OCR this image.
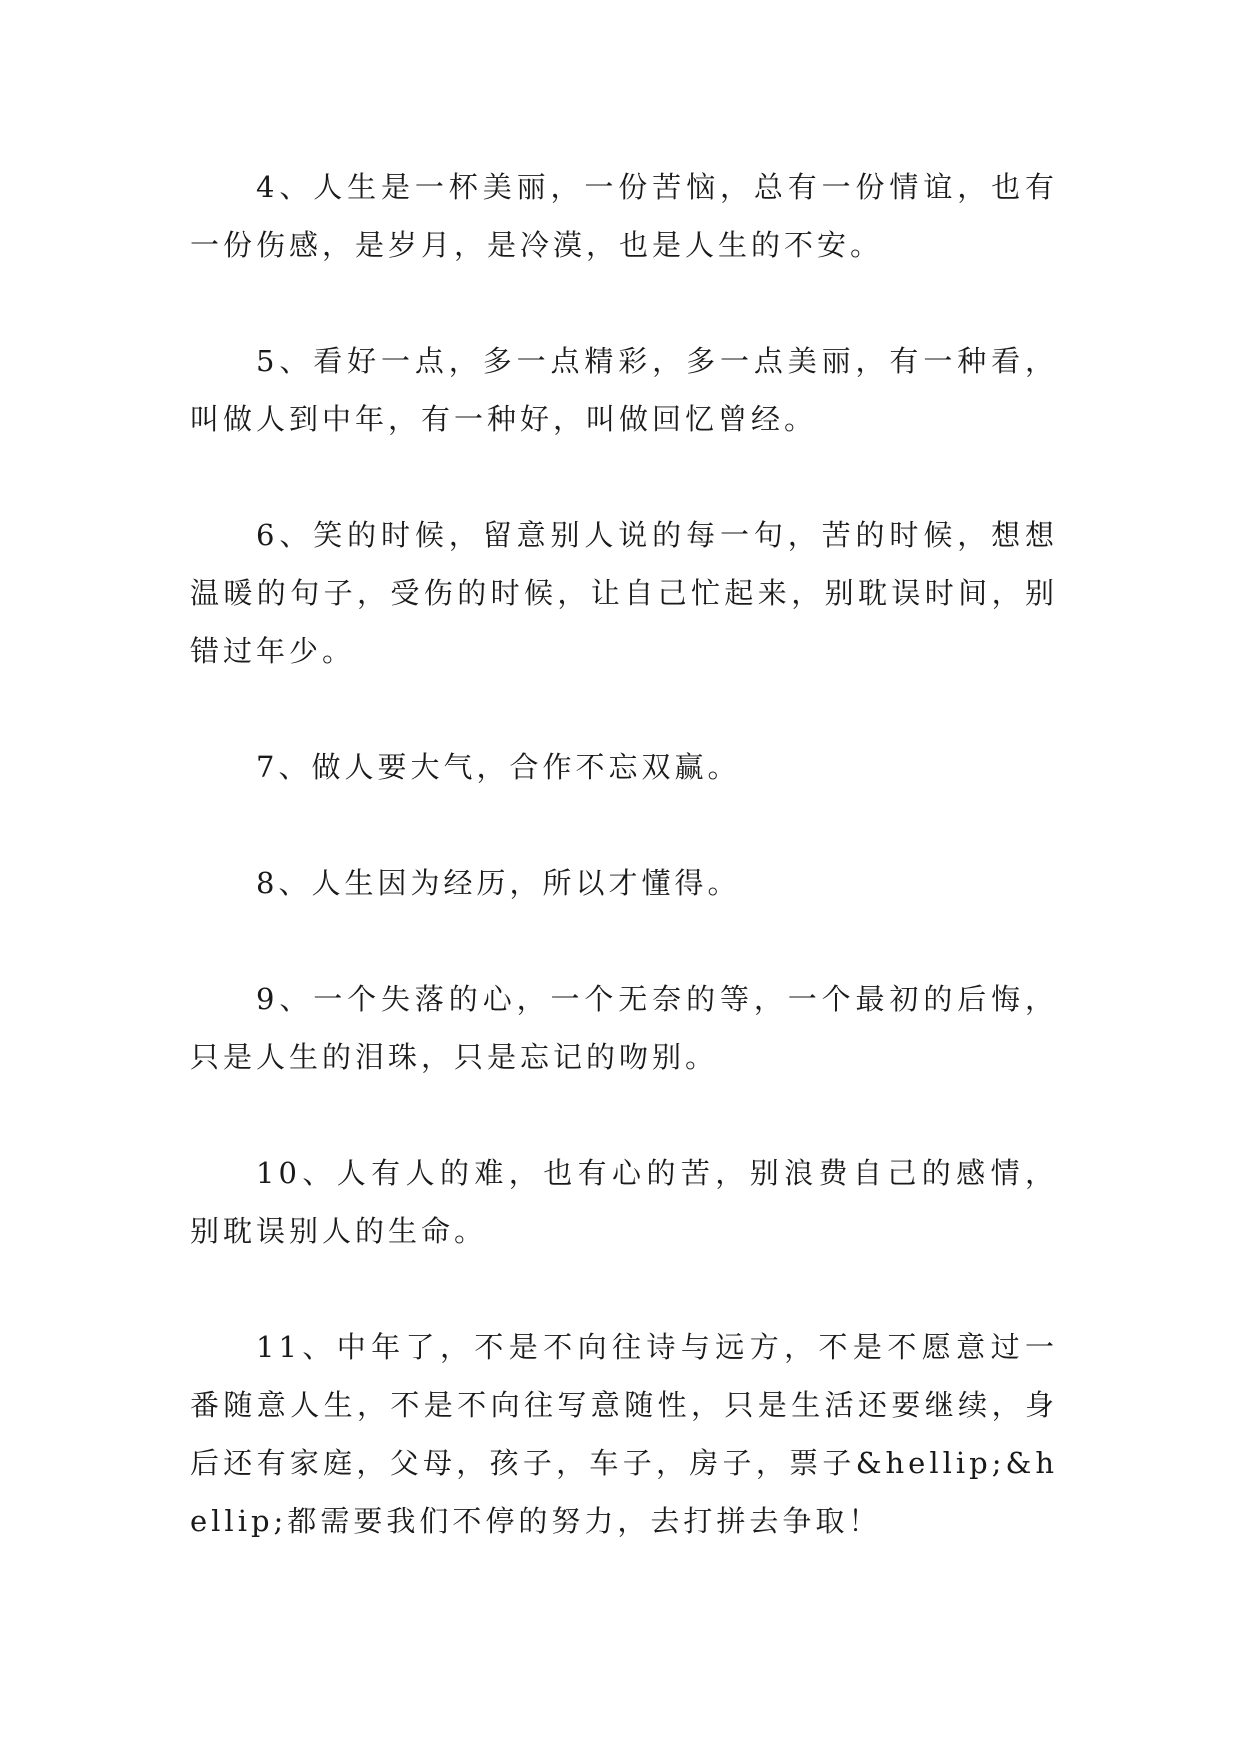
4、人生是一杯美丽，一份苦恼，总有一份情谊，也有一份伤感，是岁月，是冷漠，也是人生的不安。

5、看好一点，多一点精彩，多一点美丽，有一种看，叫做人到中年，有一种好，叫做回忆曾经。

6、笑的时候，留意别人说的每一句，苦的时候，想想温暖的句子，受伤的时候，让自己忙起来，别耽误时间，别错过年少。

7、做人要大气，合作不忘双赢。

8、人生因为经历，所以才懂得。

9、一个失落的心，一个无奈的等，一个最初的后悔，只是人生的泪珠，只是忘记的吻别。

10、人有人的难，也有心的苦，别浪费自己的感情，别耽误别人的生命。

11、中年了，不是不向往诗与远方，不是不愿意过一番随意人生，不是不向往写意随性，只是生活还要继续，身后还有家庭，父母，孩子，车子，房子，票子&hellip;&hellip;都需要我们不停的努力，去打拼去争取！
